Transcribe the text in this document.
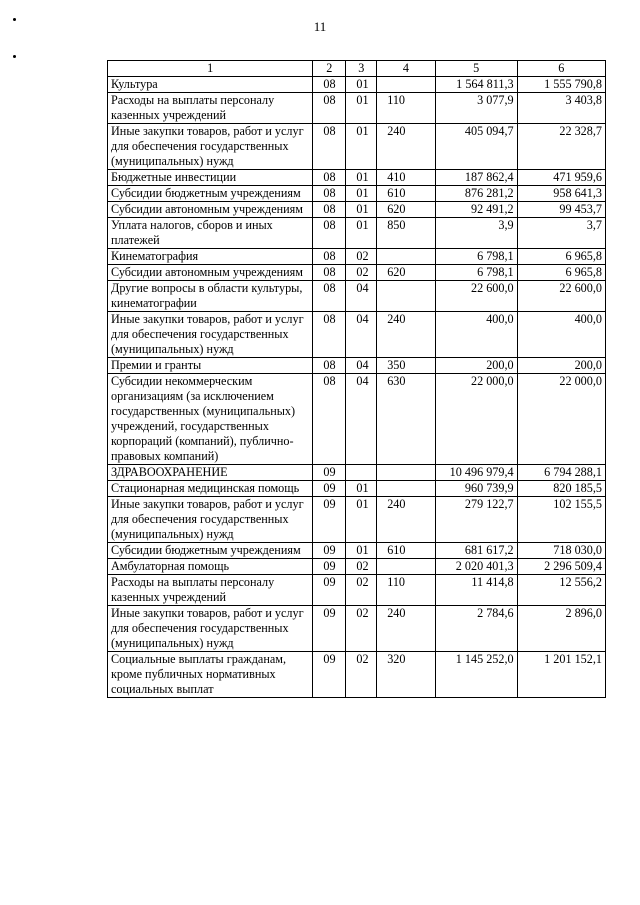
11
1	2	3	4	5	6
Культура	08	01		1 564 811,3	1 555 790,8
Расходы на выплаты персоналу казенных учреждений	08	01	110	3 077,9	3 403,8
Иные закупки товаров, работ и услуг для обеспечения государственных (муниципальных) нужд	08	01	240	405 094,7	22 328,7
Бюджетные инвестиции	08	01	410	187 862,4	471 959,6
Субсидии бюджетным учреждениям	08	01	610	876 281,2	958 641,3
Субсидии автономным учреждениям	08	01	620	92 491,2	99 453,7
Уплата налогов, сборов и иных платежей	08	01	850	3,9	3,7
Кинематография	08	02		6 798,1	6 965,8
Субсидии автономным учреждениям	08	02	620	6 798,1	6 965,8
Другие вопросы в области культуры, кинематографии	08	04		22 600,0	22 600,0
Иные закупки товаров, работ и услуг для обеспечения государственных (муниципальных) нужд	08	04	240	400,0	400,0
Премии и гранты	08	04	350	200,0	200,0
Субсидии некоммерческим организациям (за исключением государственных (муниципальных) учреждений, государственных корпораций (компаний), публично-правовых компаний)	08	04	630	22 000,0	22 000,0
ЗДРАВООХРАНЕНИЕ	09			10 496 979,4	6 794 288,1
Стационарная медицинская помощь	09	01		960 739,9	820 185,5
Иные закупки товаров, работ и услуг для обеспечения государственных (муниципальных) нужд	09	01	240	279 122,7	102 155,5
Субсидии бюджетным учреждениям	09	01	610	681 617,2	718 030,0
Амбулаторная помощь	09	02		2 020 401,3	2 296 509,4
Расходы на выплаты персоналу казенных учреждений	09	02	110	11 414,8	12 556,2
Иные закупки товаров, работ и услуг для обеспечения государственных (муниципальных) нужд	09	02	240	2 784,6	2 896,0
Социальные выплаты гражданам, кроме публичных нормативных социальных выплат	09	02	320	1 145 252,0	1 201 152,1
